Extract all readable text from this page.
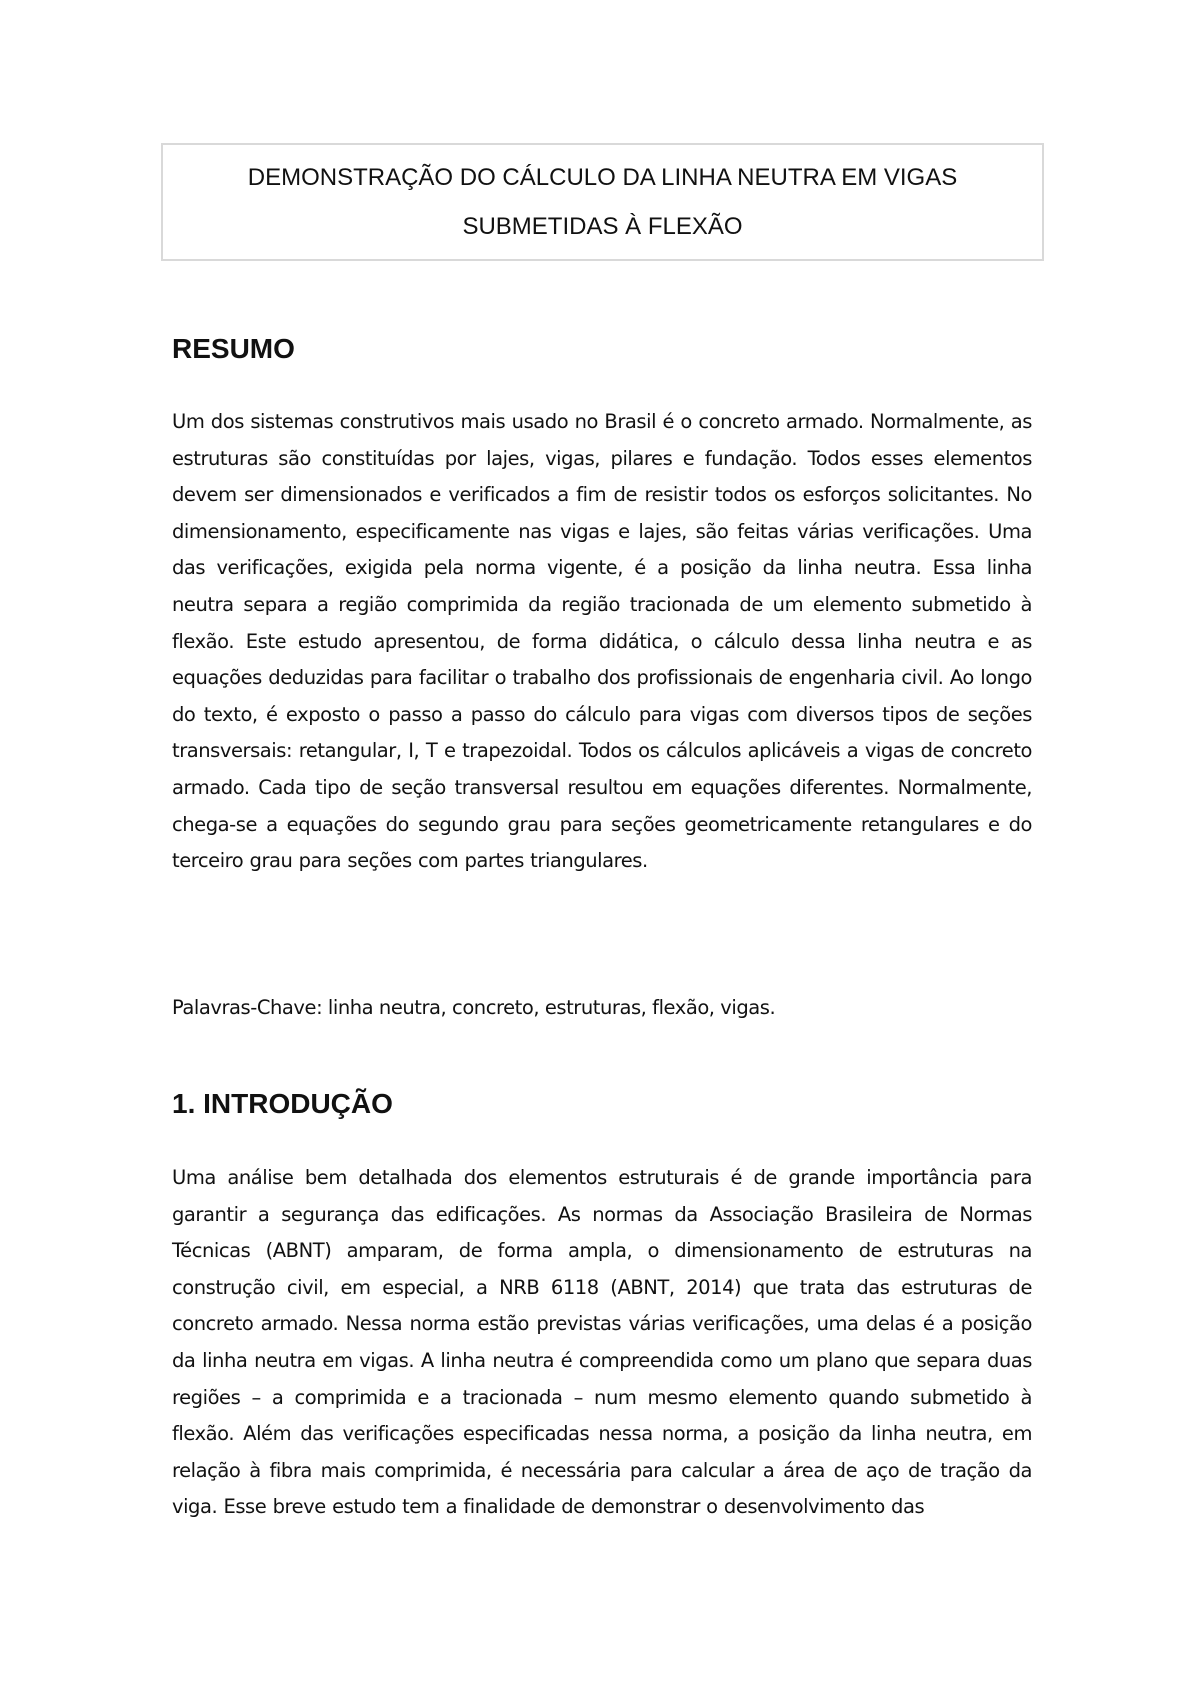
DEMONSTRAÇÃO DO CÁLCULO DA LINHA NEUTRA EM VIGAS
SUBMETIDAS À FLEXÃO
RESUMO

Um dos sistemas construtivos mais usado no Brasil é o concreto armado. Normalmente, as estruturas são constituídas por lajes, vigas, pilares e fundação. Todos esses elementos devem ser dimensionados e verificados a fim de resistir todos os esforços solicitantes. No dimensionamento, especificamente nas vigas e lajes, são feitas várias verificações. Uma das verificações, exigida pela norma vigente, é a posição da linha neutra. Essa linha neutra separa a região comprimida da região tracionada de um elemento submetido à flexão. Este estudo apresentou, de forma didática, o cálculo dessa linha neutra e as equações deduzidas para facilitar o trabalho dos profissionais de engenharia civil. Ao longo do texto, é exposto o passo a passo do cálculo para vigas com diversos tipos de seções transversais: retangular, I, T e trapezoidal. Todos os cálculos aplicáveis a vigas de concreto armado. Cada tipo de seção transversal resultou em equações diferentes. Normalmente, chega-se a equações do segundo grau para seções geometricamente retangulares e do terceiro grau para seções com partes triangulares.

Palavras-Chave: linha neutra, concreto, estruturas, flexão, vigas.

1. INTRODUÇÃO

Uma análise bem detalhada dos elementos estruturais é de grande importância para garantir a segurança das edificações. As normas da Associação Brasileira de Normas Técnicas (ABNT) amparam, de forma ampla, o dimensionamento de estruturas na construção civil, em especial, a NRB 6118 (ABNT, 2014) que trata das estruturas de concreto armado. Nessa norma estão previstas várias verificações, uma delas é a posição da linha neutra em vigas. A linha neutra é compreendida como um plano que separa duas regiões – a comprimida e a tracionada – num mesmo elemento quando submetido à flexão. Além das verificações especificadas nessa norma, a posição da linha neutra, em relação à fibra mais comprimida, é necessária para calcular a área de aço de tração da viga. Esse breve estudo tem a finalidade de demonstrar o desenvolvimento das
